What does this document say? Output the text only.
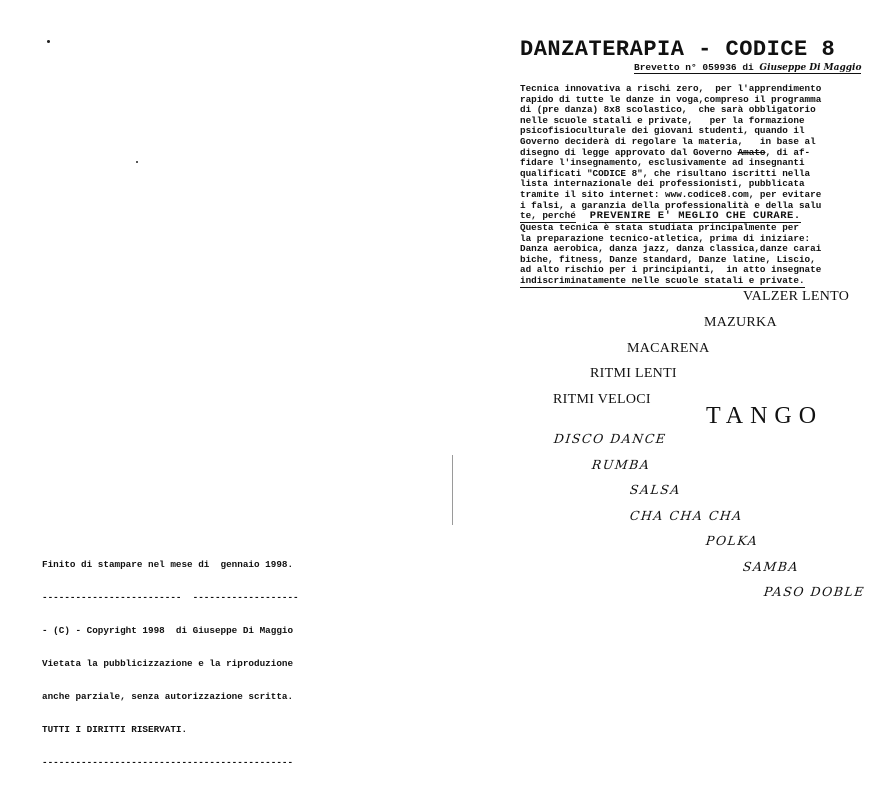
Finito di stampare nel mese di  gennaio 1998.

-------------------------  -------------------

- (C) - Copyright 1998  di Giuseppe Di Maggio

Vietata la pubblicizzazione e la riproduzione

anche parziale, senza autorizzazione scritta.

TUTTI I DIRITTI RISERVATI.

---------------------------------------------

DANZATERAPIA - CODICE 8
Brevetto n° 059936 di Giuseppe Di Maggio
Tecnica innovativa a rischi zero,  per l'apprendimento
rapido di tutte le danze in voga,compreso il programma
di (pre danza) 8x8 scolastico,  che sarà obbligatorio
nelle scuole statali e private,   per la formazione
psicofisioculturale dei giovani studenti, quando il
Governo deciderà di regolare la materia,   in base al
disegno di legge approvato dal Governo Amato, di af-
fidare l'insegnamento, esclusivamente ad insegnanti
qualificati "CODICE 8", che risultano iscritti nella
lista internazionale dei professionisti, pubblicata
tramite il sito internet: www.codice8.com, per evitare
i falsi, a garanzia della professionalità e della salu
te, perché PREVENIRE E' MEGLIO CHE CURARE.
Questa tecnica è stata studiata principalmente per
la preparazione tecnico-atletica, prima di iniziare:
Danza aerobica, danza jazz, danza classica,danze carai
biche, fitness, Danze standard, Danze latine, Liscio,
ad alto rischio per i principianti,  in atto insegnate
indiscriminatamente nelle scuole statali e private.
VALZER LENTO
MAZURKA
MACARENA
RITMI LENTI
RITMI VELOCI
TANGO
DISCO DANCE
RUMBA
SALSA
CHA CHA CHA
POLKA
SAMBA
PASO DOBLE
